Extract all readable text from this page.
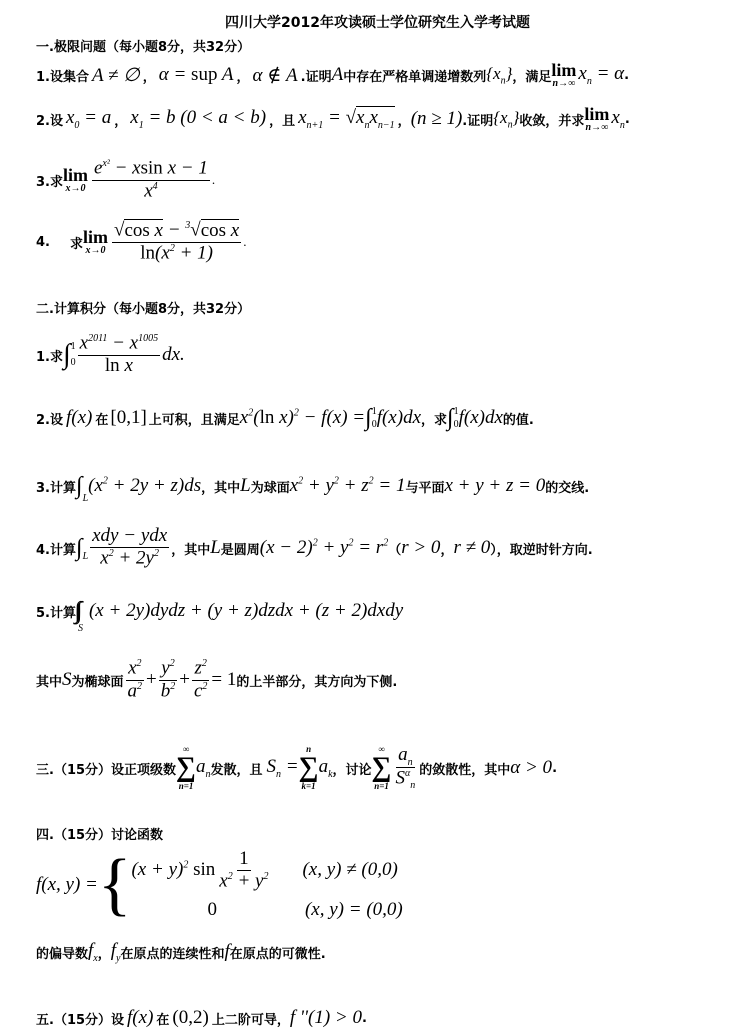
四川大学2012年攻读硕士学位研究生入学考试题
一.极限问题（每小题8分，共32分）
1.设集合 A ≠ ∅ ， α = sup A ， α ∉ A .证明 A 中存在严格单调递增数列 $\{x_n\}$ ，满足 lim
n→∞ $x_n = \alpha$ .
2.设 $x_0 = a$ ， $x_1 = b$ (0 < a < b) ，且 $x_{n+1} = √x_nx_{n-1}$ ， (n ≥ 1) .证明 $\{x_n\}$ 收敛，并求 lim
n→∞ $x_n$ .
3.求 lim
$x\to 0 \frac{e^{x^2} - xsin x - 1}{x^4}$ .
4. 求 lim
$x\to 0 \frac{√\cos x - ^3√\cos x}{\ln(x^2 + 1)}$ .
二.计算积分（每小题8分，共32分）
1.求 ∫ 1
$0 \frac{x^{2011} - x^{1005}}{\text{ln x}}$ dx.
2.设 f(x) 在 [0,1] 上可积，且满足 $x^2(\ln$ x)$^2$ − f(x) = ∫ 1
0 f(x)dx ，求 ∫ 1
0 f(x)dx 的值.
3.计算 ∫ L
$(x^2 + 2y + z)ds$ ，其中 L 为球面 $x^2 + y^2 + z^2 = 1$ 与平面 x + y + z = 0 的交线.
4.计算 ∫ L $\frac{\text{xdy − ydx}}{x^2 + 2y^2}$ ，其中 L 是圆周 $(x - 2)^2 + y^2 = r^2$ （ r > 0 ， r ≠ 0 ），取逆时针方向.
5.计算
S
(x + 2y)dydz + (y + z)dzdx + (z + 2)dxdy
其中 S 为椭球面 $\frac{x^2}{a^2} + \frac{y^2}{b^2} + \frac{z^2}{c^2} = 1$ 的上半部分，其方向为下侧.
三.（15分）设正项级数
∞
∑
n=1
$a_n$ 发散，且 $S_n$ =
n
∑
k=1
$a_k$ ，讨论
∞
∑
$n=1 \frac{a_n}{S^\alpha_n}$ 的敛散性，其中 α > 0 .
四.（15分）讨论函数
f(x, y) = { $(x + y)^2$ $\sin \frac{1}{x^2 + y^2} (x$, y) ≠ (0,0)
0	(x, y) = (0,0)
的偏导数 $f_x$ ， $f_y$ 在原点的连续性和 f 在原点的可微性.
五.（15分）设 f(x) 在 (0,2) 上二阶可导， f ''(1) > 0 .
